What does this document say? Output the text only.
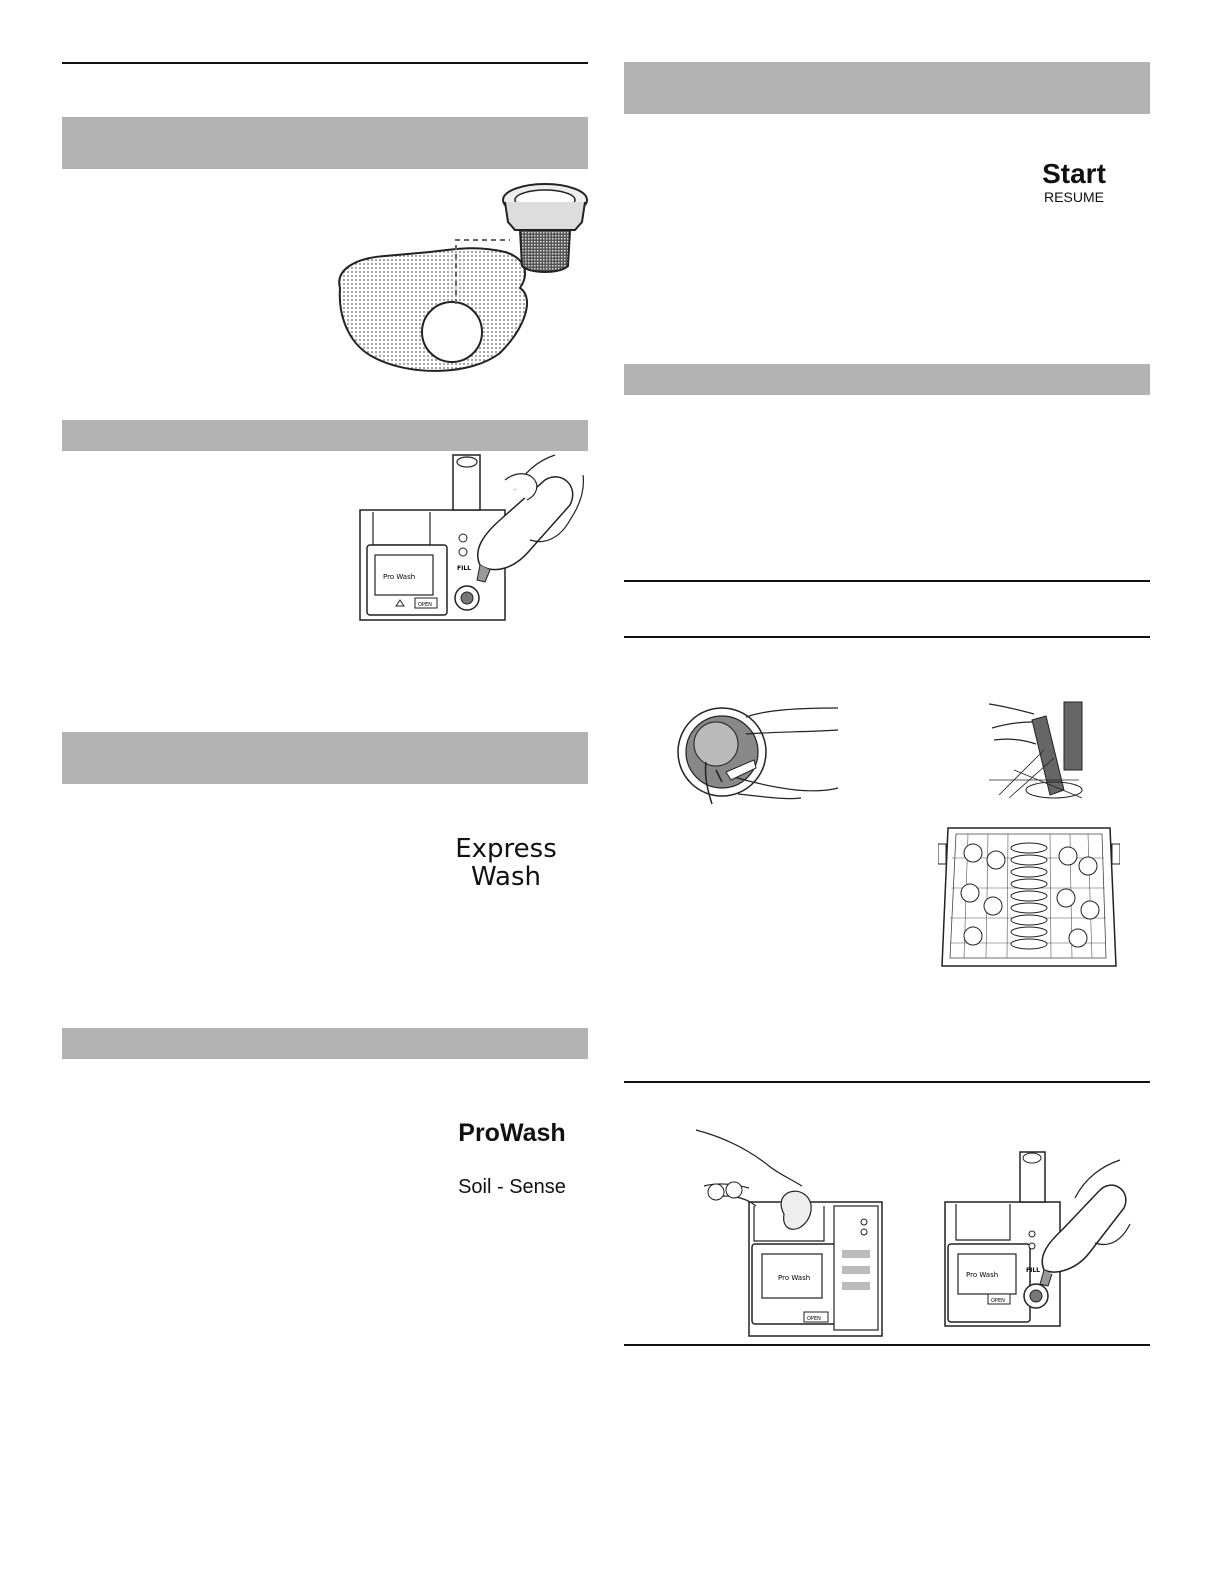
Pro Wash
OPEN
FILL
Express
Wash
ProWash
Soil - Sense
Start
RESUME
Pro Wash
OPEN
Pro Wash
OPEN
FILL
